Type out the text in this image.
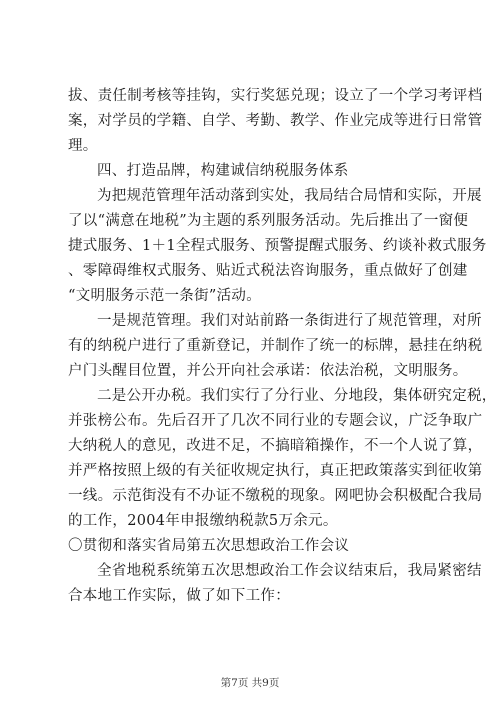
拔、责任制考核等挂钩，实行奖惩兑现；设立了一个学习考评档
案，对学员的学籍、自学、考勤、教学、作业完成等进行日常管
理。

四、打造品牌，构建诚信纳税服务体系

为把规范管理年活动落到实处，我局结合局情和实际，开展
了以“满意在地税”为主题的系列服务活动。先后推出了一窗便
捷式服务、1＋1全程式服务、预警提醒式服务、约谈补救式服务
、零障碍维权式服务、贴近式税法咨询服务，重点做好了创建
“文明服务示范一条街”活动。

一是规范管理。我们对站前路一条街进行了规范管理，对所
有的纳税户进行了重新登记，并制作了统一的标牌，悬挂在纳税
户门头醒目位置，并公开向社会承诺：依法治税，文明服务。

二是公开办税。我们实行了分行业、分地段，集体研究定税，
并张榜公布。先后召开了几次不同行业的专题会议，广泛争取广
大纳税人的意见，改进不足，不搞暗箱操作，不一个人说了算，
并严格按照上级的有关征收规定执行，真正把政策落实到征收第
一线。示范街没有不办证不缴税的现象。网吧协会积极配合我局
的工作，2004年申报缴纳税款5万余元。

〇贯彻和落实省局第五次思想政治工作会议

全省地税系统第五次思想政治工作会议结束后，我局紧密结
合本地工作实际，做了如下工作：

第7页 共9页
